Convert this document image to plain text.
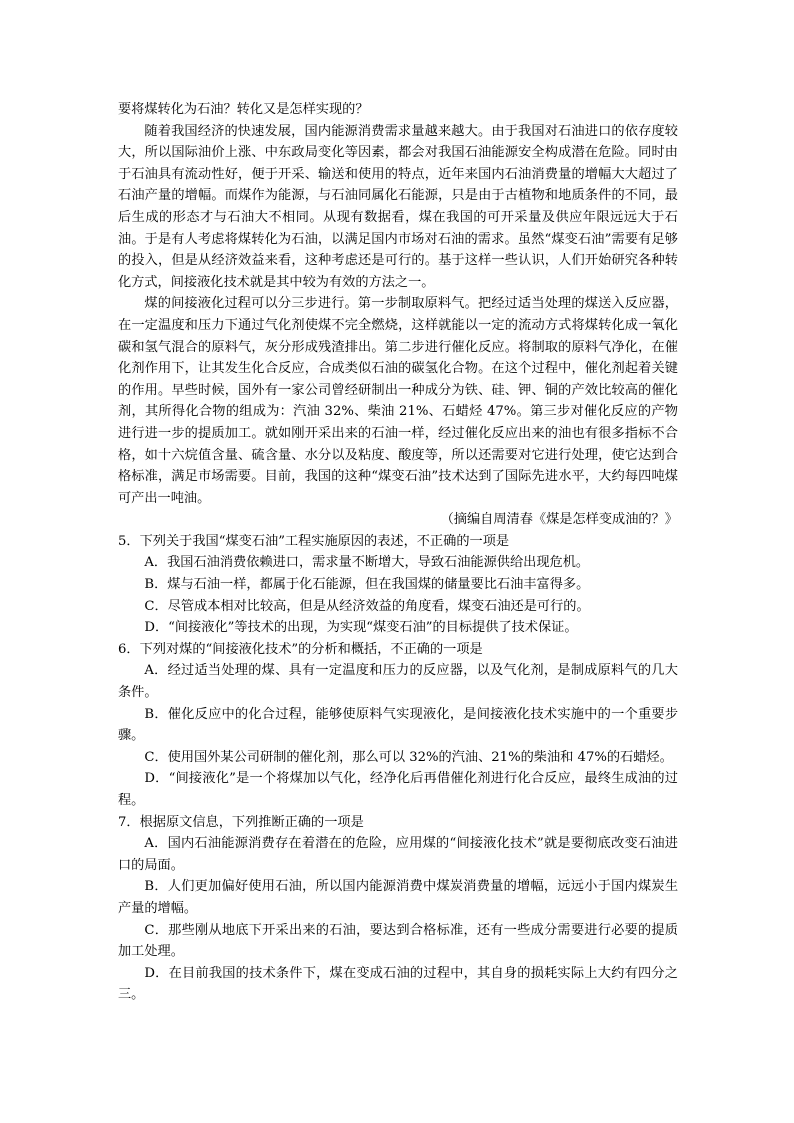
要将煤转化为石油？转化又是怎样实现的？

随着我国经济的快速发展，国内能源消费需求量越来越大。由于我国对石油进口的依存度较大，所以国际油价上涨、中东政局变化等因素，都会对我国石油能源安全构成潜在危险。同时由于石油具有流动性好，便于开采、输送和使用的特点，近年来国内石油消费量的增幅大大超过了石油产量的增幅。而煤作为能源，与石油同属化石能源，只是由于古植物和地质条件的不同，最后生成的形态才与石油大不相同。从现有数据看，煤在我国的可开采量及供应年限远远大于石油。于是有人考虑将煤转化为石油，以满足国内市场对石油的需求。虽然“煤变石油”需要有足够的投入，但是从经济效益来看，这种考虑还是可行的。基于这样一些认识，人们开始研究各种转化方式，间接液化技术就是其中较为有效的方法之一。

煤的间接液化过程可以分三步进行。第一步制取原料气。把经过适当处理的煤送入反应器，在一定温度和压力下通过气化剂使煤不完全燃烧，这样就能以一定的流动方式将煤转化成一氧化碳和氢气混合的原料气，灰分形成残渣排出。第二步进行催化反应。将制取的原料气净化，在催化剂作用下，让其发生化合反应，合成类似石油的碳氢化合物。在这个过程中，催化剂起着关键的作用。早些时候，国外有一家公司曾经研制出一种成分为铁、硅、钾、铜的产效比较高的催化剂，其所得化合物的组成为：汽油 32%、柴油 21%、石蜡烃 47%。第三步对催化反应的产物进行进一步的提质加工。就如刚开采出来的石油一样，经过催化反应出来的油也有很多指标不合格，如十六烷值含量、硫含量、水分以及粘度、酸度等，所以还需要对它进行处理，使它达到合格标准，满足市场需要。目前，我国的这种“煤变石油”技术达到了国际先进水平，大约每四吨煤可产出一吨油。

（摘编自周清春《煤是怎样变成油的？》

5．下列关于我国“煤变石油”工程实施原因的表述，不正确的一项是

A．我国石油消费依赖进口，需求量不断增大，导致石油能源供给出现危机。

B．煤与石油一样，都属于化石能源，但在我国煤的储量要比石油丰富得多。

C．尽管成本相对比较高，但是从经济效益的角度看，煤变石油还是可行的。

D．“间接液化”等技术的出现，为实现“煤变石油”的目标提供了技术保证。

6．下列对煤的“间接液化技术”的分析和概括，不正确的一项是

A．经过适当处理的煤、具有一定温度和压力的反应器，以及气化剂，是制成原料气的几大条件。

B．催化反应中的化合过程，能够使原料气实现液化，是间接液化技术实施中的一个重要步骤。

C．使用国外某公司研制的催化剂，那么可以 32%的汽油、21%的柴油和 47%的石蜡烃。

D．“间接液化”是一个将煤加以气化，经净化后再借催化剂进行化合反应，最终生成油的过程。

7．根据原文信息，下列推断正确的一项是

A．国内石油能源消费存在着潜在的危险，应用煤的“间接液化技术”就是要彻底改变石油进口的局面。

B．人们更加偏好使用石油，所以国内能源消费中煤炭消费量的增幅，远远小于国内煤炭生产量的增幅。

C．那些刚从地底下开采出来的石油，要达到合格标准，还有一些成分需要进行必要的提质加工处理。

D．在目前我国的技术条件下，煤在变成石油的过程中，其自身的损耗实际上大约有四分之三。
